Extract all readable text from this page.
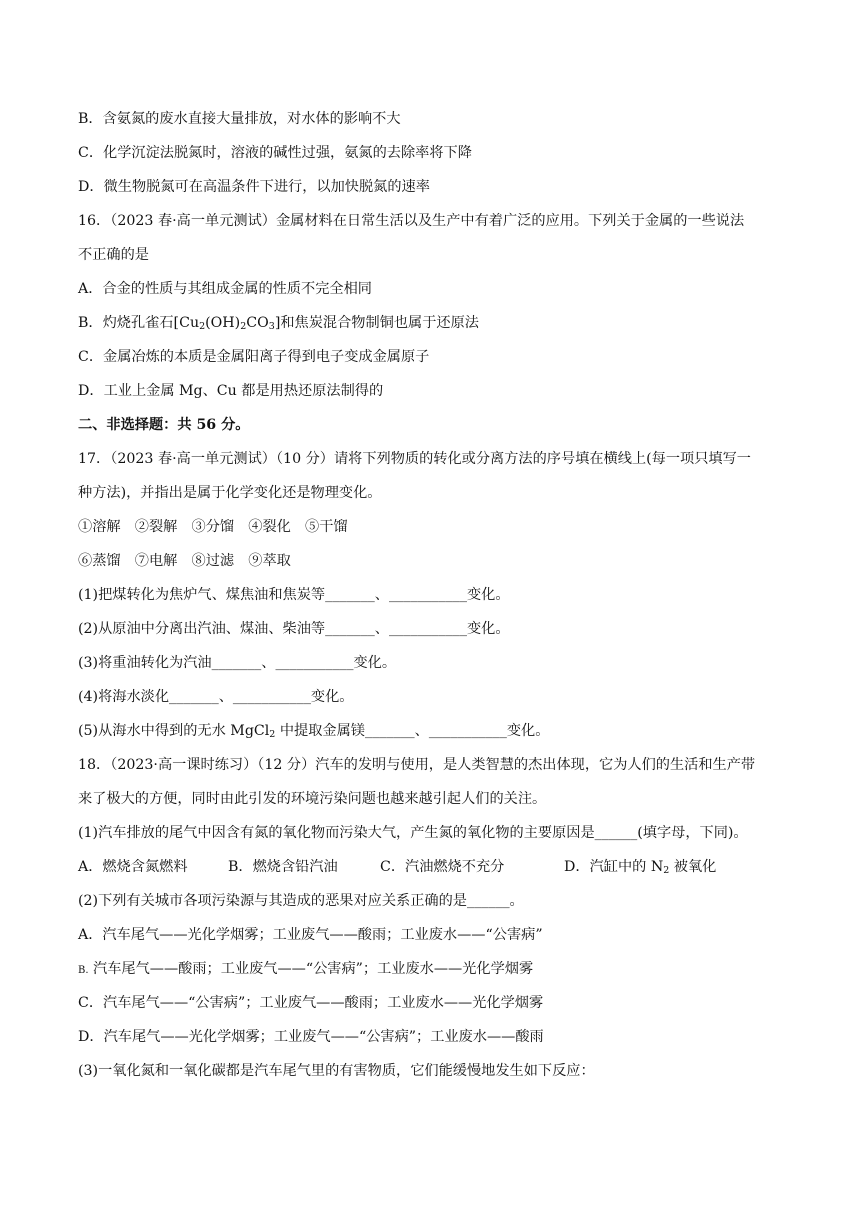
B．含氨氮的废水直接大量排放，对水体的影响不大
C．化学沉淀法脱氮时，溶液的碱性过强，氨氮的去除率将下降
D．微生物脱氮可在高温条件下进行，以加快脱氮的速率
16．（2023 春·高一单元测试）金属材料在日常生活以及生产中有着广泛的应用。下列关于金属的一些说法
不正确的是
A．合金的性质与其组成金属的性质不完全相同
B．灼烧孔雀石$[Cu_2(OH)_2CO_3]$和焦炭混合物制铜也属于还原法
C．金属冶炼的本质是金属阳离子得到电子变成金属原子
D．工业上金属 Mg、Cu 都是用热还原法制得的
二、非选择题：共 56 分。
17．（2023 春·高一单元测试）（10 分）请将下列物质的转化或分离方法的序号填在横线上(每一项只填写一
种方法)，并指出是属于化学变化还是物理变化。
①溶解　②裂解　③分馏　④裂化　⑤干馏
⑥蒸馏　⑦电解　⑧过滤　⑨萃取
(1)把煤转化为焦炉气、煤焦油和焦炭等_______、___________变化。
(2)从原油中分离出汽油、煤油、柴油等_______、___________变化。
(3)将重油转化为汽油_______、___________变化。
(4)将海水淡化_______、___________变化。
(5)从海水中得到的无水 MgCl$_2$ 中提取金属镁_______、___________变化。
18．（2023·高一课时练习）（12 分）汽车的发明与使用，是人类智慧的杰出体现，它为人们的生活和生产带
来了极大的方便，同时由此引发的环境污染问题也越来越引起人们的关注。
(1)汽车排放的尾气中因含有氮的氧化物而污染大气，产生氮的氧化物的主要原因是______(填字母，下同)。
A．燃烧含氮燃料	B．燃烧含铅汽油	C．汽油燃烧不充分	D．汽缸中的 $N_2$ 被氧化
(2)下列有关城市各项污染源与其造成的恶果对应关系正确的是______。
A．汽车尾气——光化学烟雾；工业废气——酸雨；工业废水——“公害病”
B. 汽车尾气——酸雨；工业废气——“公害病”；工业废水——光化学烟雾
C．汽车尾气——“公害病”；工业废气——酸雨；工业废水——光化学烟雾
D．汽车尾气——光化学烟雾；工业废气——“公害病”；工业废水——酸雨
(3)一氧化氮和一氧化碳都是汽车尾气里的有害物质，它们能缓慢地发生如下反应：
